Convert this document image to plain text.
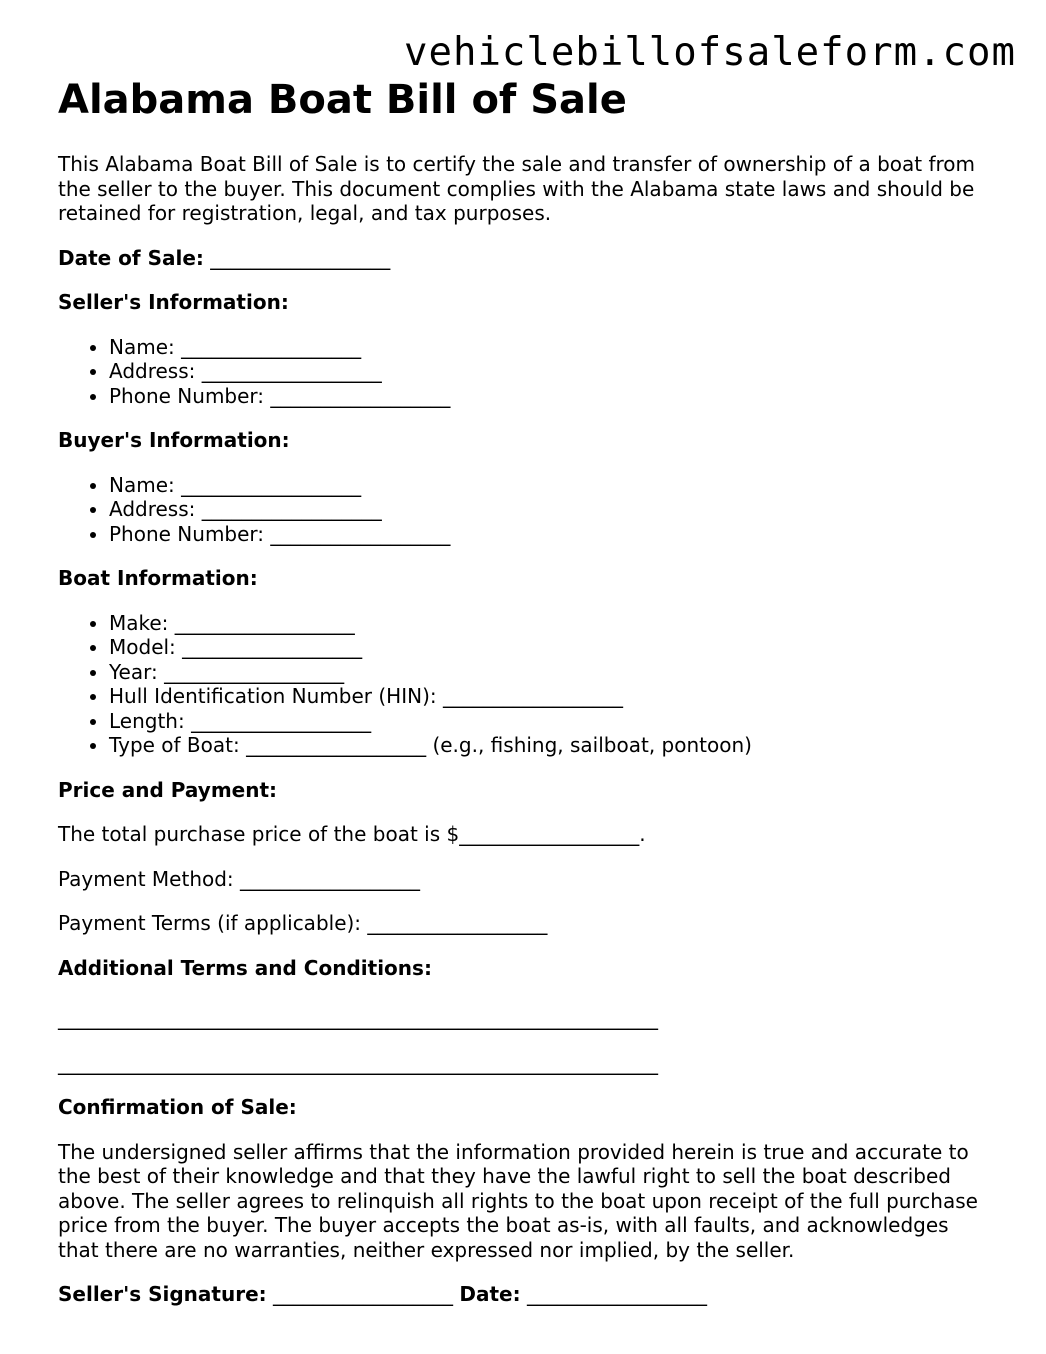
vehiclebillofsaleform.com
Alabama Boat Bill of Sale

This Alabama Boat Bill of Sale is to certify the sale and transfer of ownership of a boat from the seller to the buyer. This document complies with the Alabama state laws and should be retained for registration, legal, and tax purposes.

Date of Sale: __________________

Seller's Information:
• Name: __________________
• Address: __________________
• Phone Number: __________________
Buyer's Information:
• Name: __________________
• Address: __________________
• Phone Number: __________________
Boat Information:
• Make: __________________
• Model: __________________
• Year: __________________
• Hull Identification Number (HIN): __________________
• Length: __________________
• Type of Boat: __________________ (e.g., fishing, sailboat, pontoon)
Price and Payment:

The total purchase price of the boat is $__________________.

Payment Method: __________________

Payment Terms (if applicable): __________________

Additional Terms and Conditions:

____________________________________________________________

____________________________________________________________

Confirmation of Sale:

The undersigned seller affirms that the information provided herein is true and accurate to the best of their knowledge and that they have the lawful right to sell the boat described above. The seller agrees to relinquish all rights to the boat upon receipt of the full purchase price from the buyer. The buyer accepts the boat as-is, with all faults, and acknowledges that there are no warranties, neither expressed nor implied, by the seller.

Seller's Signature: __________________ Date: __________________
